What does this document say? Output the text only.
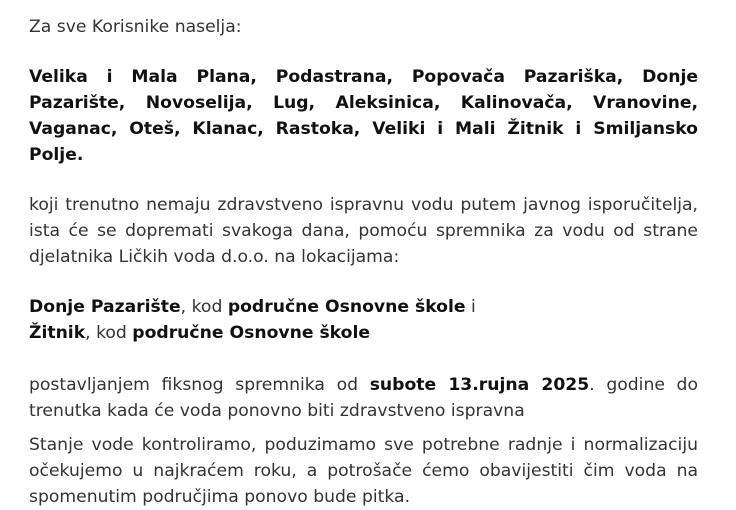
Za sve Korisnike naselja:

Velika i Mala Plana, Podastrana, Popovača Pazariška, Donje Pazarište, Novoselija, Lug, Aleksinica, Kalinovača, Vranovine, Vaganac, Oteš, Klanac, Rastoka, Veliki i Mali Žitnik i Smiljansko Polje.

koji trenutno nemaju zdravstveno ispravnu vodu putem javnog isporučitelja, ista će se dopremati svakoga dana, pomoću spremnika za vodu od strane djelatnika Ličkih voda d.o.o. na lokacijama:

Donje Pazarište, kod područne Osnovne škole i
Žitnik, kod područne Osnovne škole

postavljanjem fiksnog spremnika od subote 13.rujna 2025. godine do trenutka kada će voda ponovno biti zdravstveno ispravna

Stanje vode kontroliramo, poduzimamo sve potrebne radnje i normalizaciju očekujemo u najkraćem roku, a potrošače ćemo obavijestiti čim voda na spomenutim područjima ponovo bude pitka.
